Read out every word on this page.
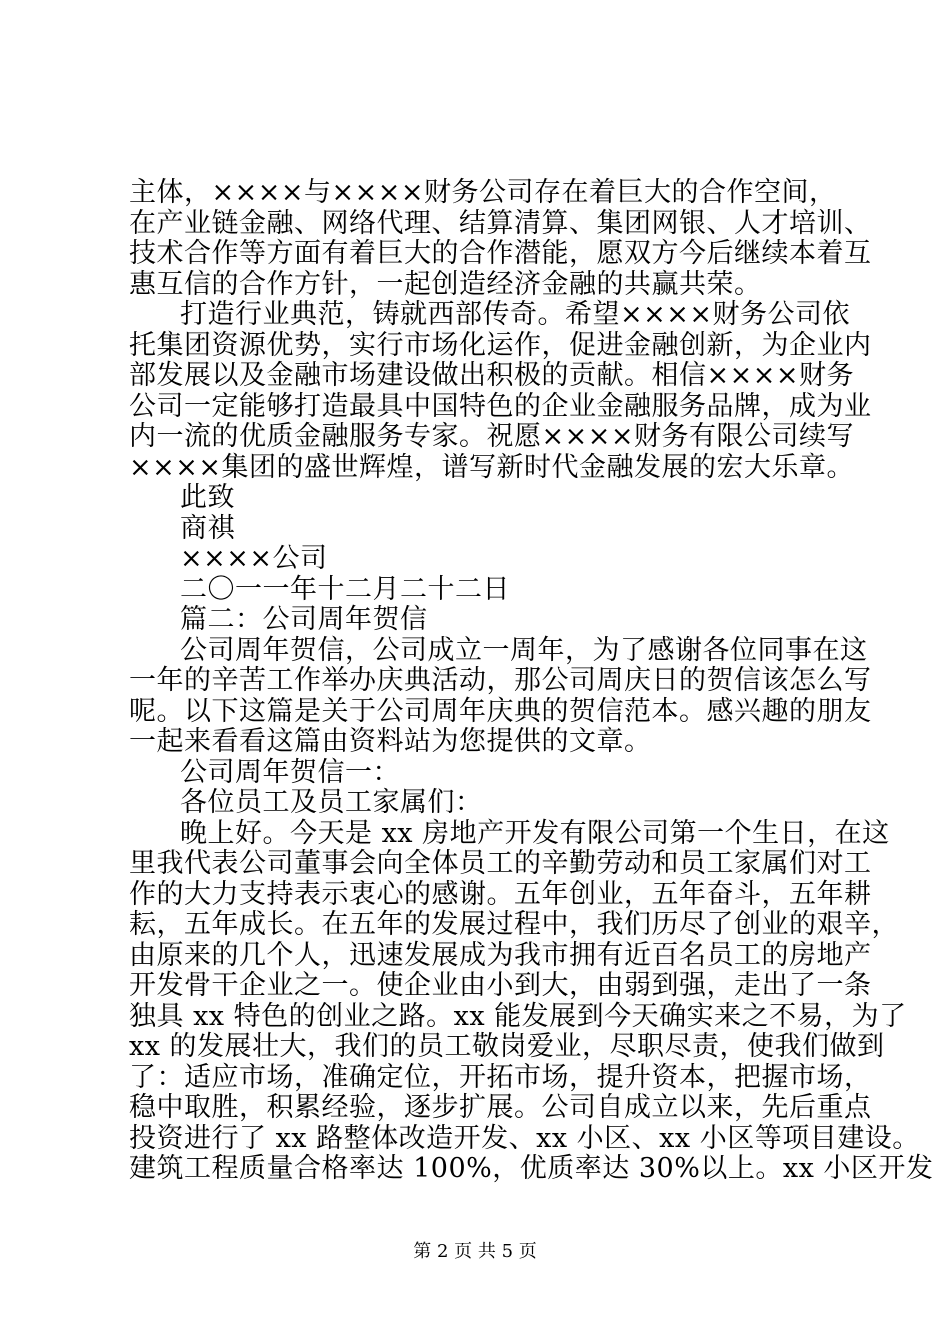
主体，××××与××××财务公司存在着巨大的合作空间，
在产业链金融、网络代理、结算清算、集团网银、人才培训、
技术合作等方面有着巨大的合作潜能，愿双方今后继续本着互
惠互信的合作方针，一起创造经济金融的共赢共荣。
打造行业典范，铸就西部传奇。希望××××财务公司依
托集团资源优势，实行市场化运作，促进金融创新，为企业内
部发展以及金融市场建设做出积极的贡献。相信××××财务
公司一定能够打造最具中国特色的企业金融服务品牌，成为业
内一流的优质金融服务专家。祝愿××××财务有限公司续写
××××集团的盛世辉煌，谱写新时代金融发展的宏大乐章。
此致
商祺
××××公司
二〇一一年十二月二十二日
篇二：公司周年贺信
公司周年贺信，公司成立一周年，为了感谢各位同事在这
一年的辛苦工作举办庆典活动，那公司周庆日的贺信该怎么写
呢。以下这篇是关于公司周年庆典的贺信范本。感兴趣的朋友
一起来看看这篇由资料站为您提供的文章。
公司周年贺信一：
各位员工及员工家属们：
晚上好。今天是 xx 房地产开发有限公司第一个生日，在这
里我代表公司董事会向全体员工的辛勤劳动和员工家属们对工
作的大力支持表示衷心的感谢。五年创业，五年奋斗，五年耕
耘，五年成长。在五年的发展过程中，我们历尽了创业的艰辛，
由原来的几个人，迅速发展成为我市拥有近百名员工的房地产
开发骨干企业之一。使企业由小到大，由弱到强，走出了一条
独具 xx 特色的创业之路。xx 能发展到今天确实来之不易，为了
xx 的发展壮大，我们的员工敬岗爱业，尽职尽责，使我们做到
了：适应市场，准确定位，开拓市场，提升资本，把握市场，
稳中取胜，积累经验，逐步扩展。公司自成立以来，先后重点
投资进行了 xx 路整体改造开发、xx 小区、xx 小区等项目建设。
建筑工程质量合格率达 100%，优质率达 30%以上。xx 小区开发
第 2 页 共 5 页
